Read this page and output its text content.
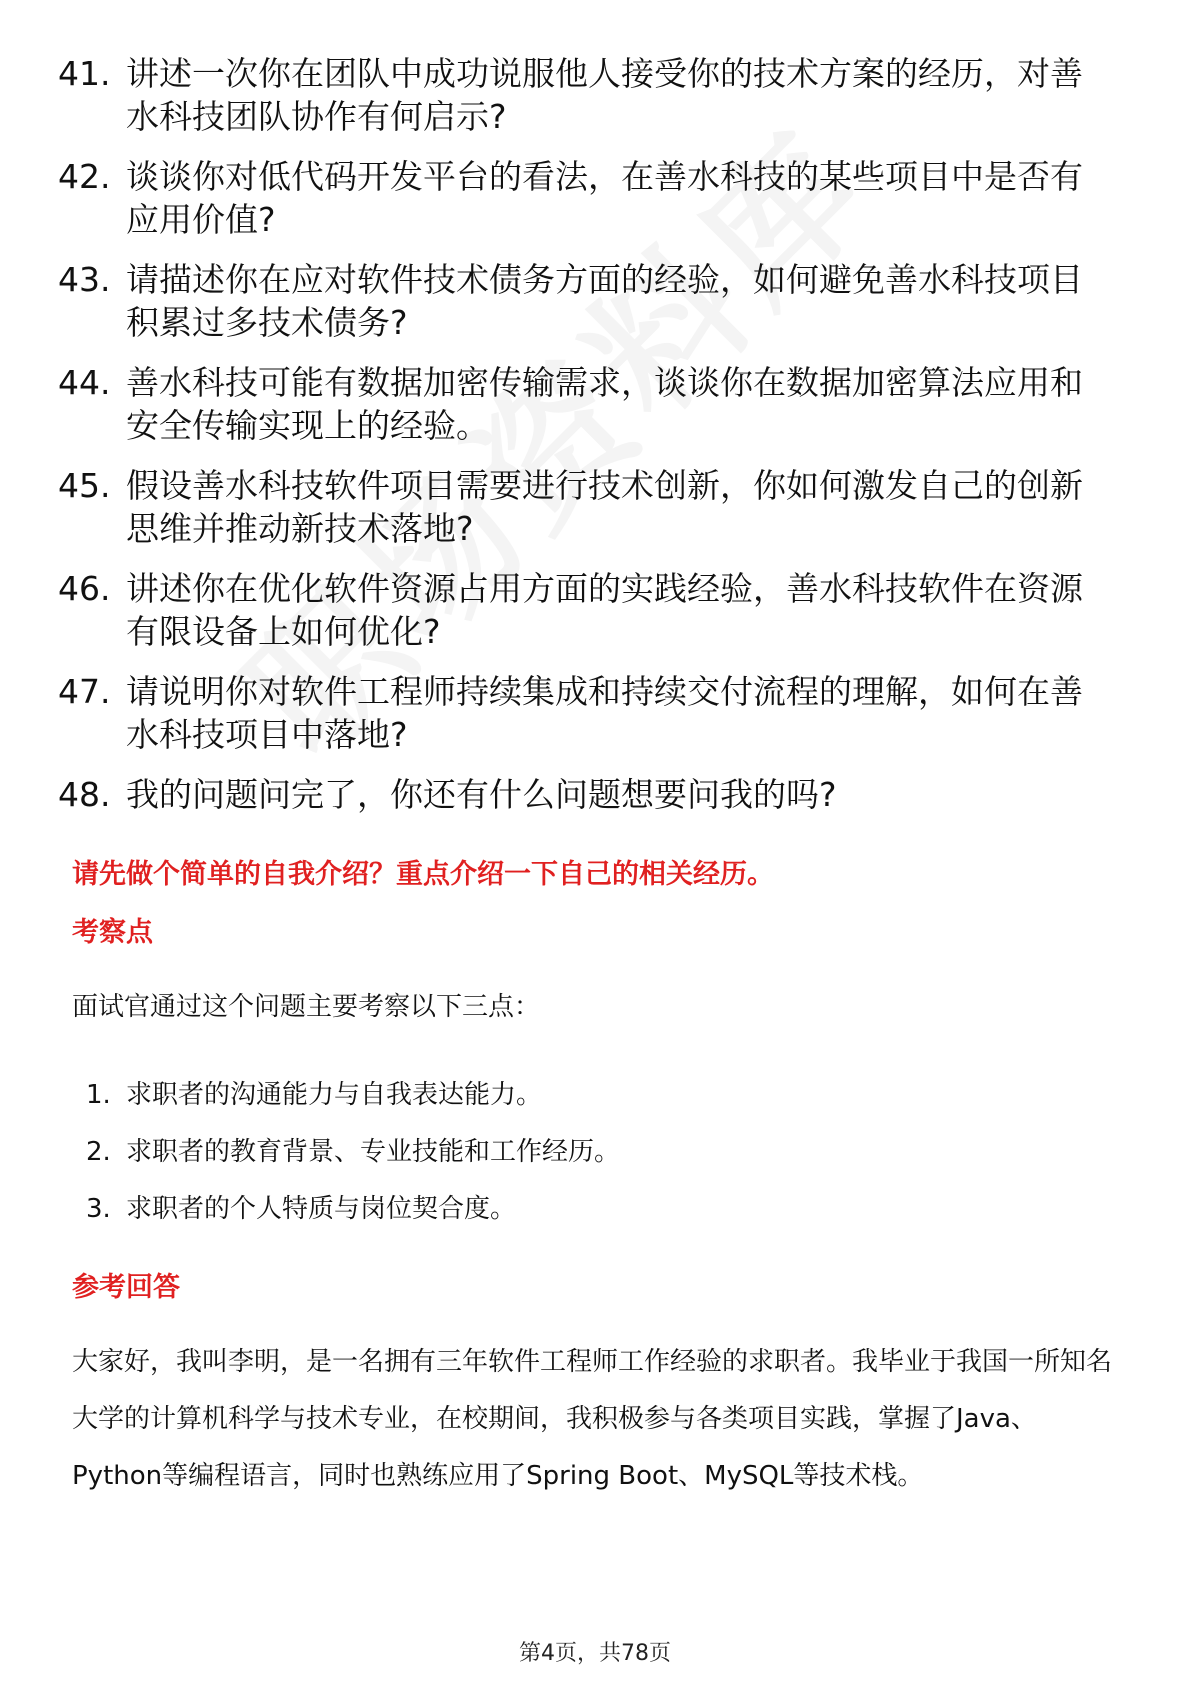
41. 讲述一次你在团队中成功说服他人接受你的技术方案的经历，对善水科技团队协作有何启示?
42. 谈谈你对低代码开发平台的看法，在善水科技的某些项目中是否有应用价值?
43. 请描述你在应对软件技术债务方面的经验，如何避免善水科技项目积累过多技术债务?
44. 善水科技可能有数据加密传输需求，谈谈你在数据加密算法应用和安全传输实现上的经验。
45. 假设善水科技软件项目需要进行技术创新，你如何激发自己的创新思维并推动新技术落地?
46. 讲述你在优化软件资源占用方面的实践经验，善水科技软件在资源有限设备上如何优化?
47. 请说明你对软件工程师持续集成和持续交付流程的理解，如何在善水科技项目中落地?
48. 我的问题问完了，你还有什么问题想要问我的吗?
请先做个简单的自我介绍？重点介绍一下自己的相关经历。
考察点

面试官通过这个问题主要考察以下三点：

1. 求职者的沟通能力与自我表达能力。
2. 求职者的教育背景、专业技能和工作经历。
3. 求职者的个人特质与岗位契合度。
参考回答

大家好，我叫李明，是一名拥有三年软件工程师工作经验的求职者。我毕业于我国一所知名大学的计算机科学与技术专业，在校期间，我积极参与各类项目实践，掌握了Java、Python等编程语言，同时也熟练应用了Spring Boot、MySQL等技术栈。

第4页，共78页
